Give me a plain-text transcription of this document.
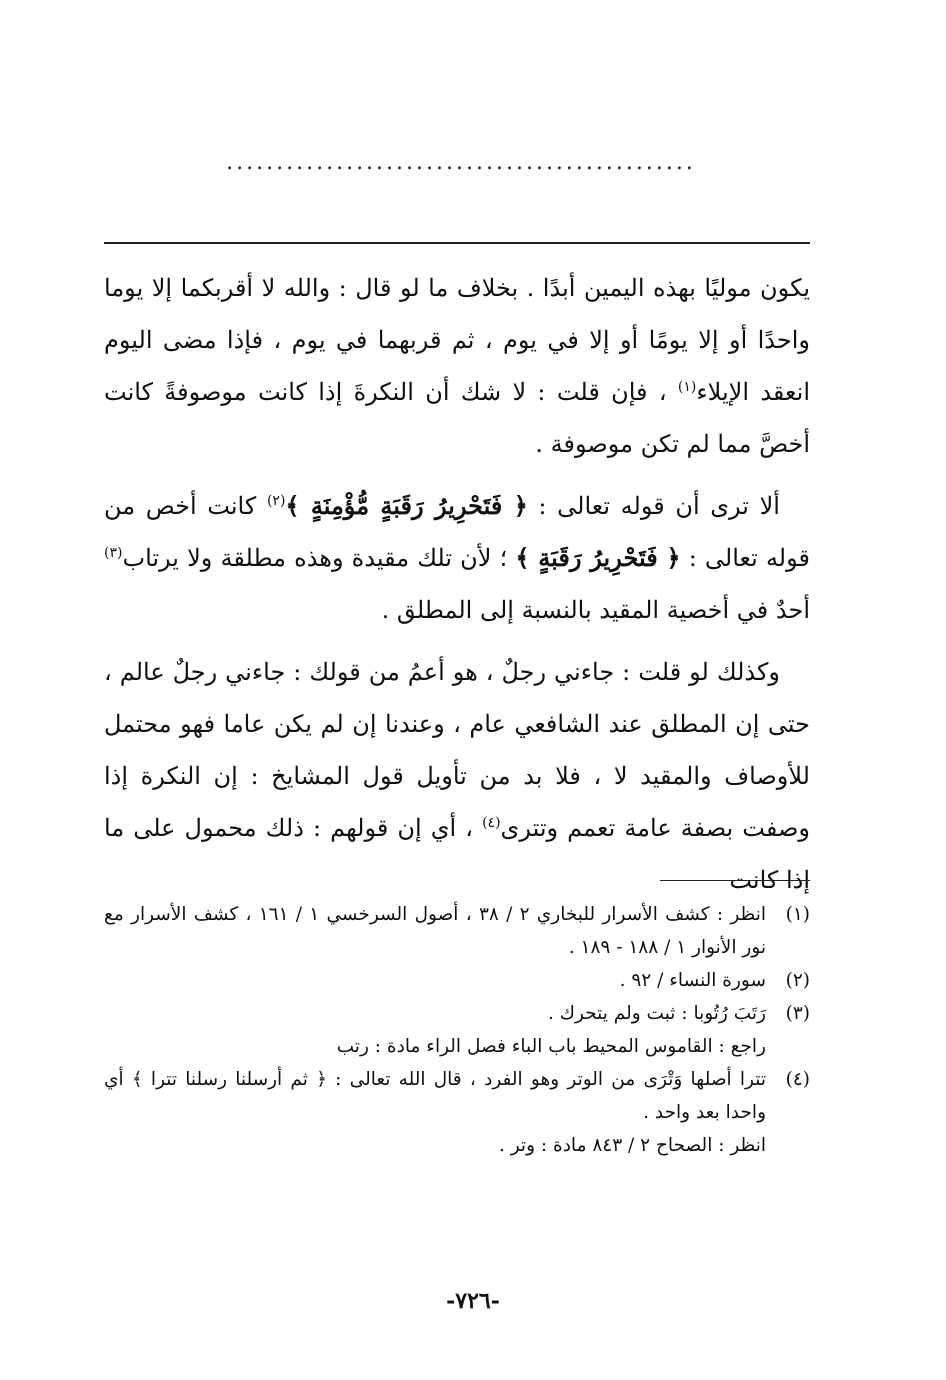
...............................................

يكون موليًا بهذه اليمين أبدًا . بخلاف ما لو قال : والله لا أقربكما إلا يوما واحدًا أو إلا يومًا أو إلا في يوم ، ثم قربهما في يوم ، فإذا مضى اليوم انعقد الإيلاء$^{(١)}$ ، فإن قلت : لا شك أن النكرةَ إذا كانت موصوفةً كانت أخصَّ مما لم تكن موصوفة .

ألا ترى أن قوله تعالى : ﴿ فَتَحْرِيرُ رَقَبَةٍ مُّؤْمِنَةٍ ﴾$^{(٢)}$ كانت أخص من قوله تعالى : ﴿ فَتَحْرِيرُ رَقَبَةٍ ﴾ ؛ لأن تلك مقيدة وهذه مطلقة ولا يرتاب$^{(٣)}$ أحدٌ في أخصية المقيد بالنسبة إلى المطلق .

وكذلك لو قلت : جاءني رجلٌ ، هو أعمُ من قولك : جاءني رجلٌ عالم ، حتى إن المطلق عند الشافعي عام ، وعندنا إن لم يكن عاما فهو محتمل للأوصاف والمقيد لا ، فلا بد من تأويل قول المشايخ : إن النكرة إذا وصفت بصفة عامة تعمم وتترى$^{(٤)}$ ، أي إن قولهم : ذلك محمول على ما إذا كانت

(١)
انظر : كشف الأسرار للبخاري ٢ / ٣٨ ، أصول السرخسي ١ / ١٦١ ، كشف الأسرار مع نور الأنوار ١ / ١٨٨ - ١٨٩ .
(٢)
سورة النساء / ٩٢ .
(٣)
رَتَبَ رُتُوبا : ثبت ولم يتحرك .

راجع : القاموس المحيط باب الباء فصل الراء مادة : رتب

(٤)
تترا أصلها وَتْرَى من الوتر وهو الفرد ، قال الله تعالى : ﴿ ثم أرسلنا رسلنا تترا ﴾ أي واحدا بعد واحد .

انظر : الصحاح ٢ / ٨٤٣ مادة : وتر .

-٧٢٦-
